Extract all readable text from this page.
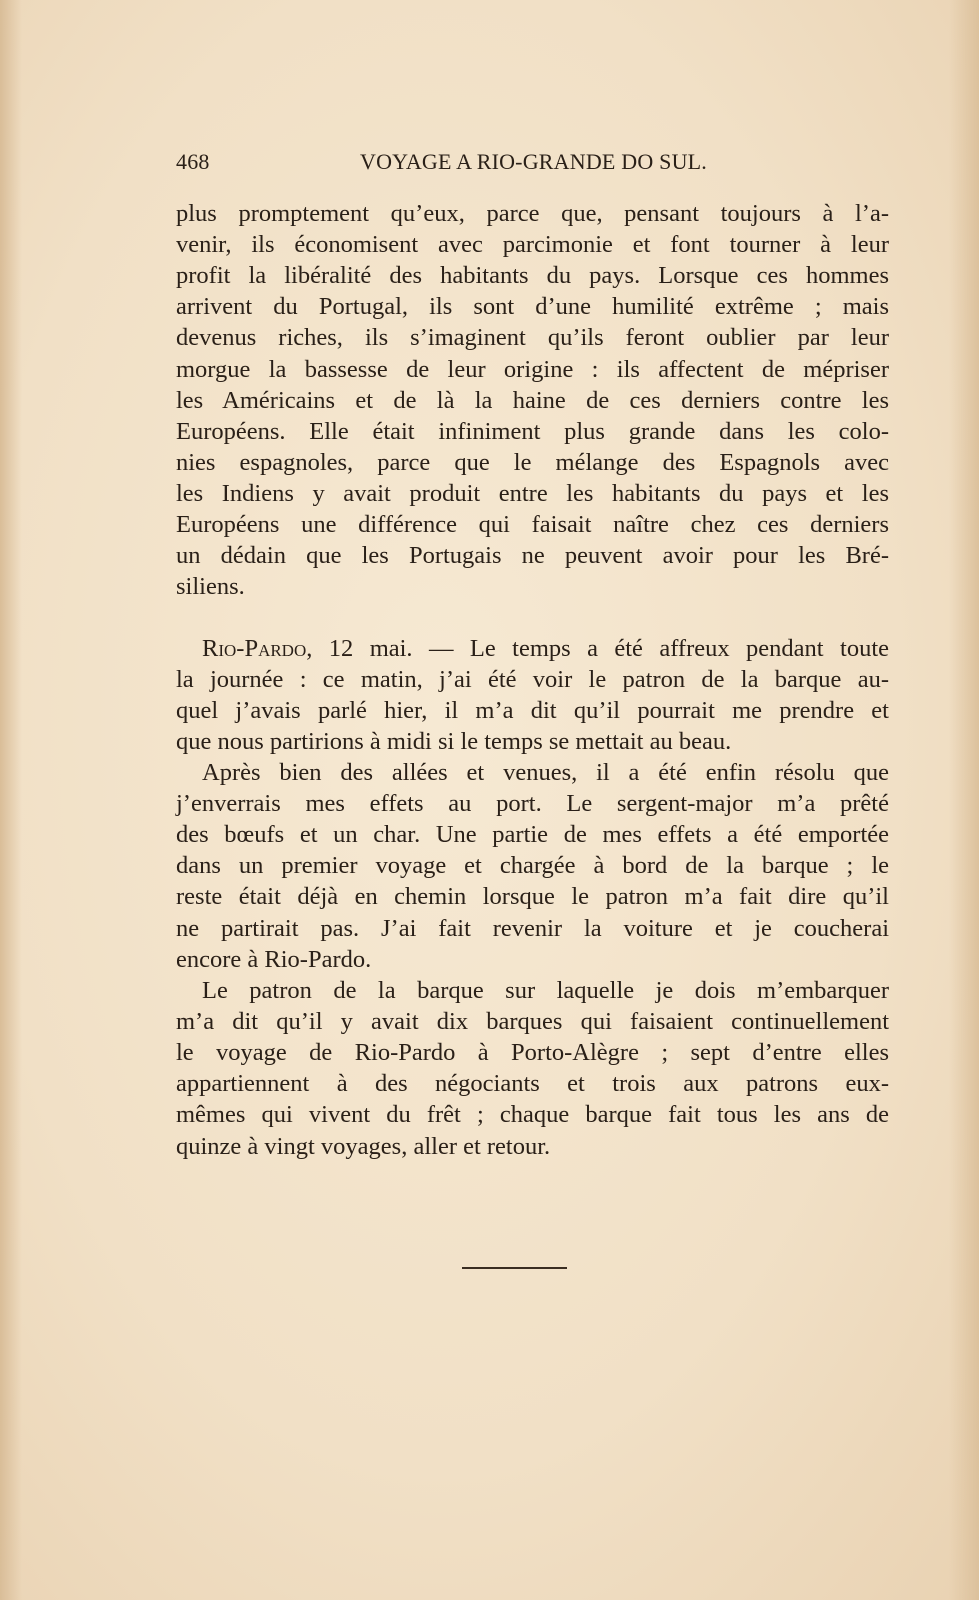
468	VOYAGE A RIO-GRANDE DO SUL.
plus promptement qu’eux, parce que, pensant toujours à l’a-
venir, ils économisent avec parcimonie et font tourner à leur
profit la libéralité des habitants du pays. Lorsque ces hommes
arrivent du Portugal, ils sont d’une humilité extrême ; mais
devenus riches, ils s’imaginent qu’ils feront oublier par leur
morgue la bassesse de leur origine : ils affectent de mépriser
les Américains et de là la haine de ces derniers contre les
Européens. Elle était infiniment plus grande dans les colo-
nies espagnoles, parce que le mélange des Espagnols avec
les Indiens y avait produit entre les habitants du pays et les
Européens une différence qui faisait naître chez ces derniers
un dédain que les Portugais ne peuvent avoir pour les Bré-
siliens.
Rio-Pardo, 12 mai. — Le temps a été affreux pendant toute
la journée : ce matin, j’ai été voir le patron de la barque au-
quel j’avais parlé hier, il m’a dit qu’il pourrait me prendre et
que nous partirions à midi si le temps se mettait au beau.
Après bien des allées et venues, il a été enfin résolu que
j’enverrais mes effets au port. Le sergent-major m’a prêté
des bœufs et un char. Une partie de mes effets a été emportée
dans un premier voyage et chargée à bord de la barque ; le
reste était déjà en chemin lorsque le patron m’a fait dire qu’il
ne partirait pas. J’ai fait revenir la voiture et je coucherai
encore à Rio-Pardo.
Le patron de la barque sur laquelle je dois m’embarquer
m’a dit qu’il y avait dix barques qui faisaient continuellement
le voyage de Rio-Pardo à Porto-Alègre ; sept d’entre elles
appartiennent à des négociants et trois aux patrons eux-
mêmes qui vivent du frêt ; chaque barque fait tous les ans de
quinze à vingt voyages, aller et retour.
